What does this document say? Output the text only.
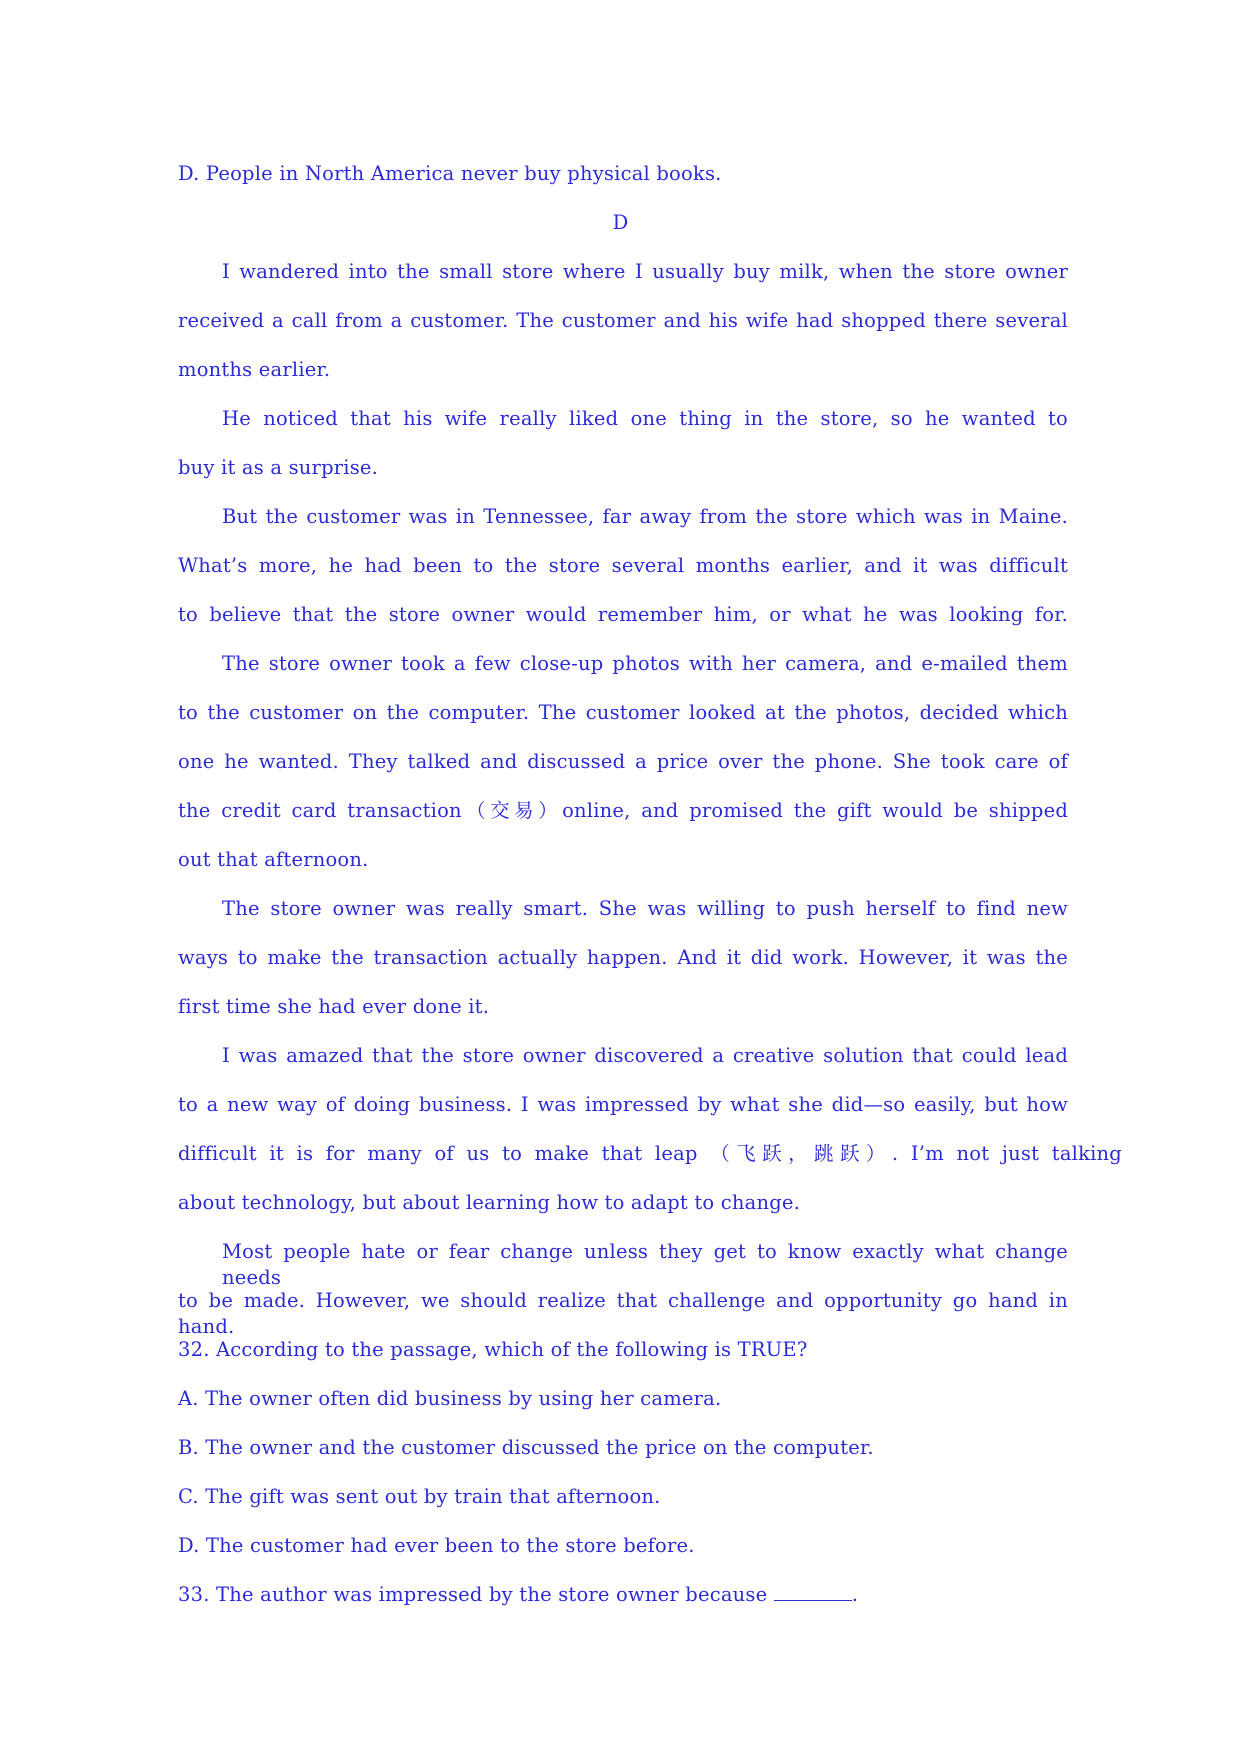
D. People in North America never buy physical books.
D
I wandered into the small store where I usually buy milk, when the store owner
received a call from a customer. The customer and his wife had shopped there several
months earlier.
He noticed that his wife really liked one thing in the store, so he wanted to
buy it as a surprise.
But the customer was in Tennessee, far away from the store which was in Maine.
What’s more, he had been to the store several months earlier, and it was difficult
to believe that the store owner would remember him, or what he was looking for.
The store owner took a few close-up photos with her camera, and e-mailed them
to the customer on the computer. The customer looked at the photos, decided which
one he wanted. They talked and discussed a price over the phone. She took care of
the credit card transaction（交易）online, and promised the gift would be shipped
out that afternoon.
The store owner was really smart. She was willing to push herself to find new
ways to make the transaction actually happen. And it did work. However, it was the
first time she had ever done it.
I was amazed that the store owner discovered a creative solution that could lead
to a new way of doing business. I was impressed by what she did—so easily, but how
difficult it is for many of us to make that leap （飞跃，跳跃）. I’m not just talking
about technology, but about learning how to adapt to change.
Most people hate or fear change unless they get to know exactly what change needs
to be made. However, we should realize that challenge and opportunity go hand in hand.
32. According to the passage, which of the following is TRUE?
A. The owner often did business by using her camera.
B. The owner and the customer discussed the price on the computer.
C. The gift was sent out by train that afternoon.
D. The customer had ever been to the store before.
33. The author was impressed by the store owner because	.
